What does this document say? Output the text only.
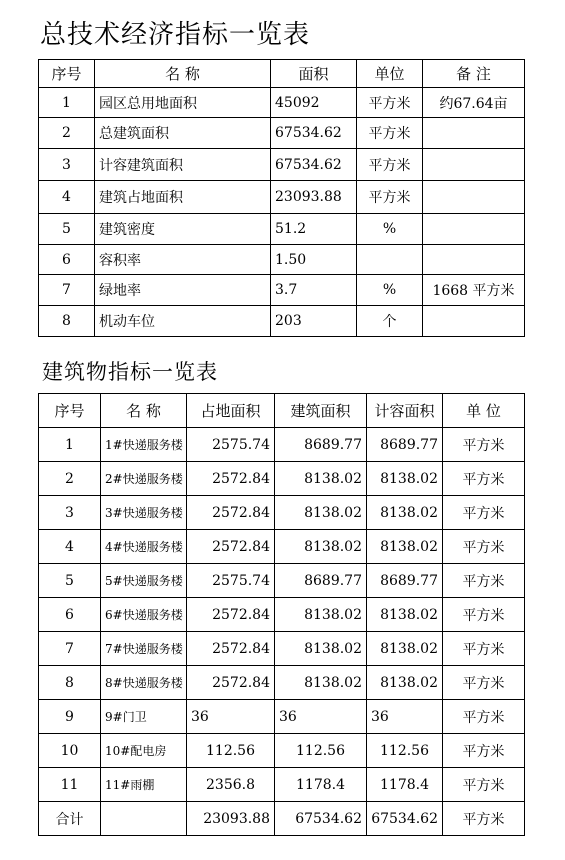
总技术经济指标一览表
序号	名 称	面积	单位	备 注
1	园区总用地面积	45092	平方米	约67.64亩
2	总建筑面积	67534.62	平方米	
3	计容建筑面积	67534.62	平方米	
4	建筑占地面积	23093.88	平方米	
5	建筑密度	51.2	%	
6	容积率	1.50		
7	绿地率	3.7	%	1668 平方米
8	机动车位	203	个	
建筑物指标一览表
序号	名 称	占地面积	建筑面积	计容面积	单 位
1	1#快递服务楼	2575.74	8689.77	8689.77	平方米
2	2#快递服务楼	2572.84	8138.02	8138.02	平方米
3	3#快递服务楼	2572.84	8138.02	8138.02	平方米
4	4#快递服务楼	2572.84	8138.02	8138.02	平方米
5	5#快递服务楼	2575.74	8689.77	8689.77	平方米
6	6#快递服务楼	2572.84	8138.02	8138.02	平方米
7	7#快递服务楼	2572.84	8138.02	8138.02	平方米
8	8#快递服务楼	2572.84	8138.02	8138.02	平方米
9	9#门卫	36	36	36	平方米
10	10#配电房	112.56	112.56	112.56	平方米
11	11#雨棚	2356.8	1178.4	1178.4	平方米
合计		23093.88	67534.62	67534.62	平方米
